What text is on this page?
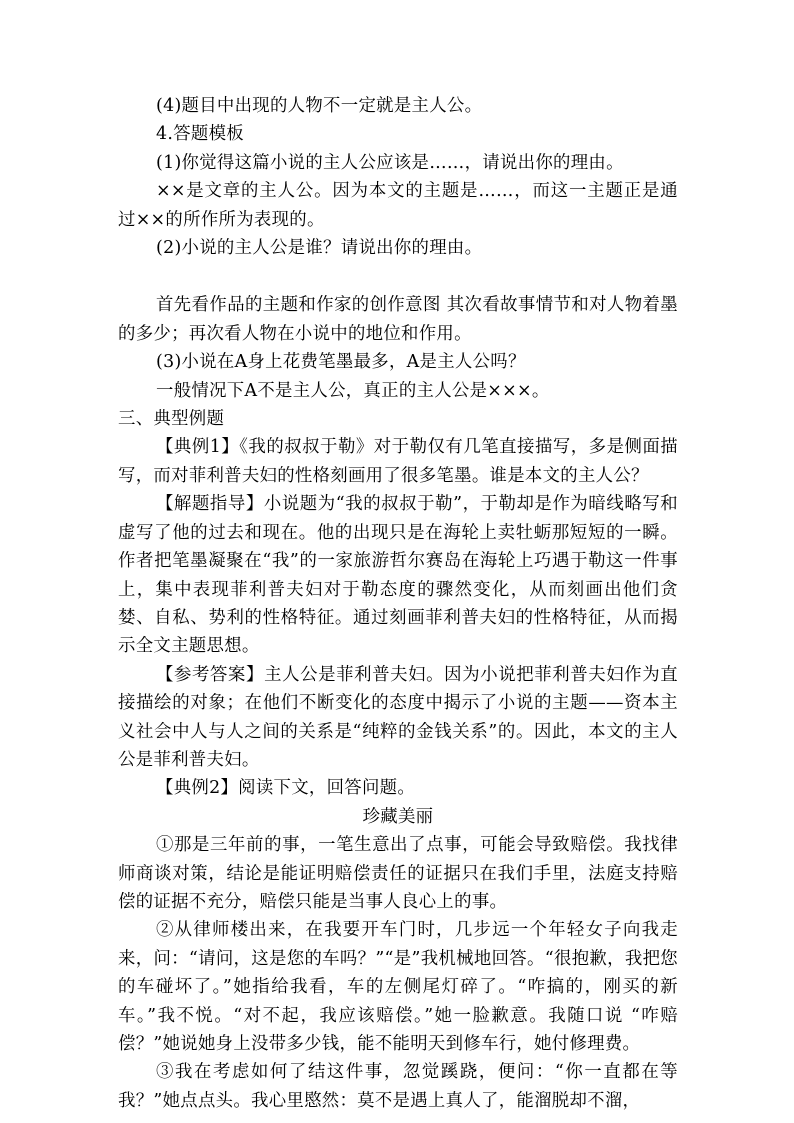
(4)题目中出现的人物不一定就是主人公。

4.答题模板

(1)你觉得这篇小说的主人公应该是……，请说出你的理由。

××是文章的主人公。因为本文的主题是……，而这一主题正是通过××的所作所为表现的。

(2)小说的主人公是谁？请说出你的理由。

首先看作品的主题和作家的创作意图 其次看故事情节和对人物着墨的多少；再次看人物在小说中的地位和作用。

(3)小说在A身上花费笔墨最多，A是主人公吗？

一般情况下A不是主人公，真正的主人公是×××。

三、典型例题

【典例1】《我的叔叔于勒》对于勒仅有几笔直接描写，多是侧面描写，而对菲利普夫妇的性格刻画用了很多笔墨。谁是本文的主人公？

【解题指导】小说题为“我的叔叔于勒”，于勒却是作为暗线略写和虚写了他的过去和现在。他的出现只是在海轮上卖牡蛎那短短的一瞬。作者把笔墨凝聚在“我”的一家旅游哲尔赛岛在海轮上巧遇于勒这一件事上，集中表现菲利普夫妇对于勒态度的骤然变化，从而刻画出他们贪婪、自私、势利的性格特征。通过刻画菲利普夫妇的性格特征，从而揭示全文主题思想。

【参考答案】主人公是菲利普夫妇。因为小说把菲利普夫妇作为直接描绘的对象；在他们不断变化的态度中揭示了小说的主题——资本主义社会中人与人之间的关系是“纯粹的金钱关系”的。因此，本文的主人公是菲利普夫妇。

【典例2】阅读下文，回答问题。

珍藏美丽

①那是三年前的事，一笔生意出了点事，可能会导致赔偿。我找律师商谈对策，结论是能证明赔偿责任的证据只在我们手里，法庭支持赔偿的证据不充分，赔偿只能是当事人良心上的事。

②从律师楼出来，在我要开车门时，几步远一个年轻女子向我走来，问：“请问，这是您的车吗？”“是”我机械地回答。“很抱歉，我把您的车碰坏了。”她指给我看，车的左侧尾灯碎了。“咋搞的，刚买的新车。”我不悦。“对不起，我应该赔偿。”她一脸歉意。我随口说 “咋赔偿？”她说她身上没带多少钱，能不能明天到修车行，她付修理费。

③我在考虑如何了结这件事，忽觉蹊跷，便问：“你一直都在等我？”她点点头。我心里愍然：莫不是遇上真人了，能溜脱却不溜，
